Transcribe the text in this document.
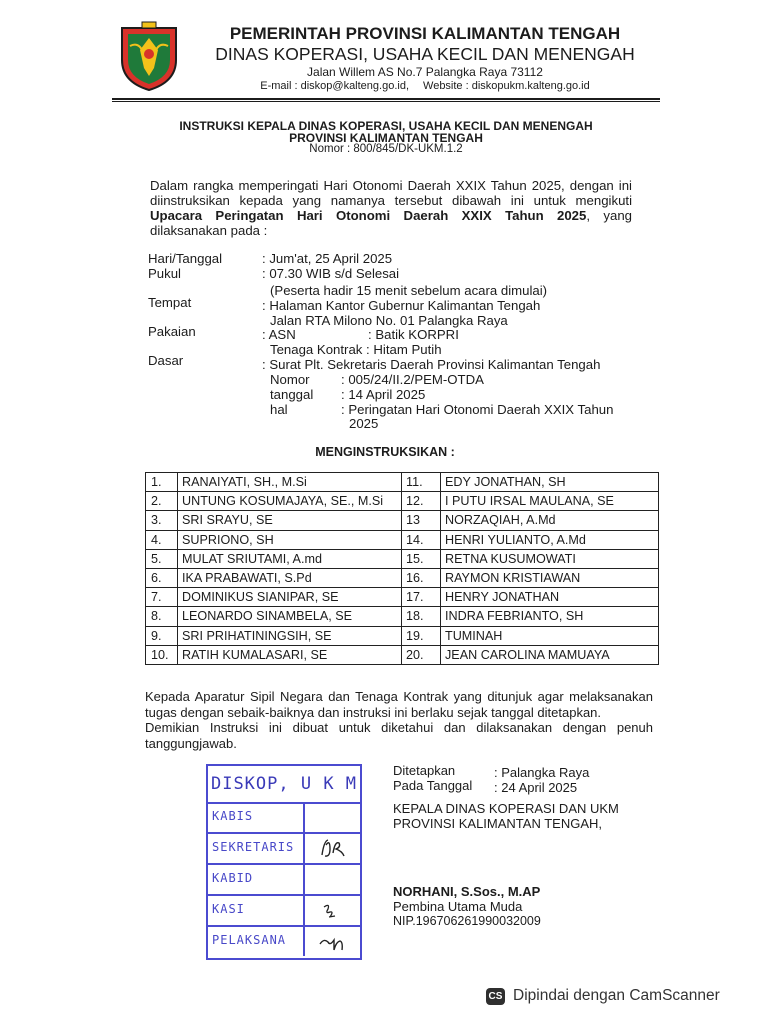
PEMERINTAH PROVINSI KALIMANTAN TENGAH
DINAS KOPERASI, USAHA KECIL DAN MENENGAH
Jalan Willem AS No.7 Palangka Raya 73112
E-mail : diskop@kalteng.go.id, Website : diskopukm.kalteng.go.id
INSTRUKSI KEPALA DINAS KOPERASI, USAHA KECIL DAN MENENGAH
PROVINSI KALIMANTAN TENGAH
Nomor : 800/845/DK-UKM.1.2
Dalam rangka memperingati Hari Otonomi Daerah XXIX Tahun 2025, dengan ini
diinstruksikan kepada yang namanya tersebut dibawah ini untuk mengikuti
Upacara Peringatan Hari Otonomi Daerah XXIX Tahun 2025, yang
dilaksanakan pada :
Hari/Tanggal	: Jum'at, 25 April 2025
Pukul	: 07.30 WIB s/d Selesai
(Peserta hadir 15 menit sebelum acara dimulai)
Tempat	: Halaman Kantor Gubernur Kalimantan Tengah
Jalan RTA Milono No. 01 Palangka Raya
Pakaian	: ASN	: Batik KORPRI
Tenaga Kontrak : Hitam Putih
Dasar	: Surat Plt. Sekretaris Daerah Provinsi Kalimantan Tengah
Nomor : 005/24/II.2/PEM-OTDA
tanggal : 14 April 2025
hal	: Peringatan Hari Otonomi Daerah XXIX Tahun
2025
MENGINSTRUKSIKAN :
1.	RANAIYATI, SH., M.Si	11.	EDY JONATHAN, SH
2.	UNTUNG KOSUMAJAYA, SE., M.Si	12.	I PUTU IRSAL MAULANA, SE
3.	SRI SRAYU, SE	13	NORZAQIAH, A.Md
4.	SUPRIONO, SH	14.	HENRI YULIANTO, A.Md
5.	MULAT SRIUTAMI, A.md	15.	RETNA KUSUMOWATI
6.	IKA PRABAWATI, S.Pd	16.	RAYMON KRISTIAWAN
7.	DOMINIKUS SIANIPAR, SE	17.	HENRY JONATHAN
8.	LEONARDO SINAMBELA, SE	18.	INDRA FEBRIANTO, SH
9.	SRI PRIHATININGSIH, SE	19.	TUMINAH
10.	RATIH KUMALASARI, SE	20.	JEAN CAROLINA MAMUAYA
Kepada Aparatur Sipil Negara dan Tenaga Kontrak yang ditunjuk agar melaksanakan
tugas dengan sebaik-baiknya dan instruksi ini berlaku sejak tanggal ditetapkan.
Demikian Instruksi ini dibuat untuk diketahui dan dilaksanakan dengan penuh
tanggungjawab.
DISKOP, U K M
KABIS
SEKRETARIS
KABID
KASI
PELAKSANA
Ditetapkan	: Palangka Raya
Pada Tanggal : 24 April 2025
KEPALA DINAS KOPERASI DAN UKM
PROVINSI KALIMANTAN TENGAH,
NORHANI, S.Sos., M.AP
Pembina Utama Muda
NIP.196706261990032009
CS Dipindai dengan CamScanner
